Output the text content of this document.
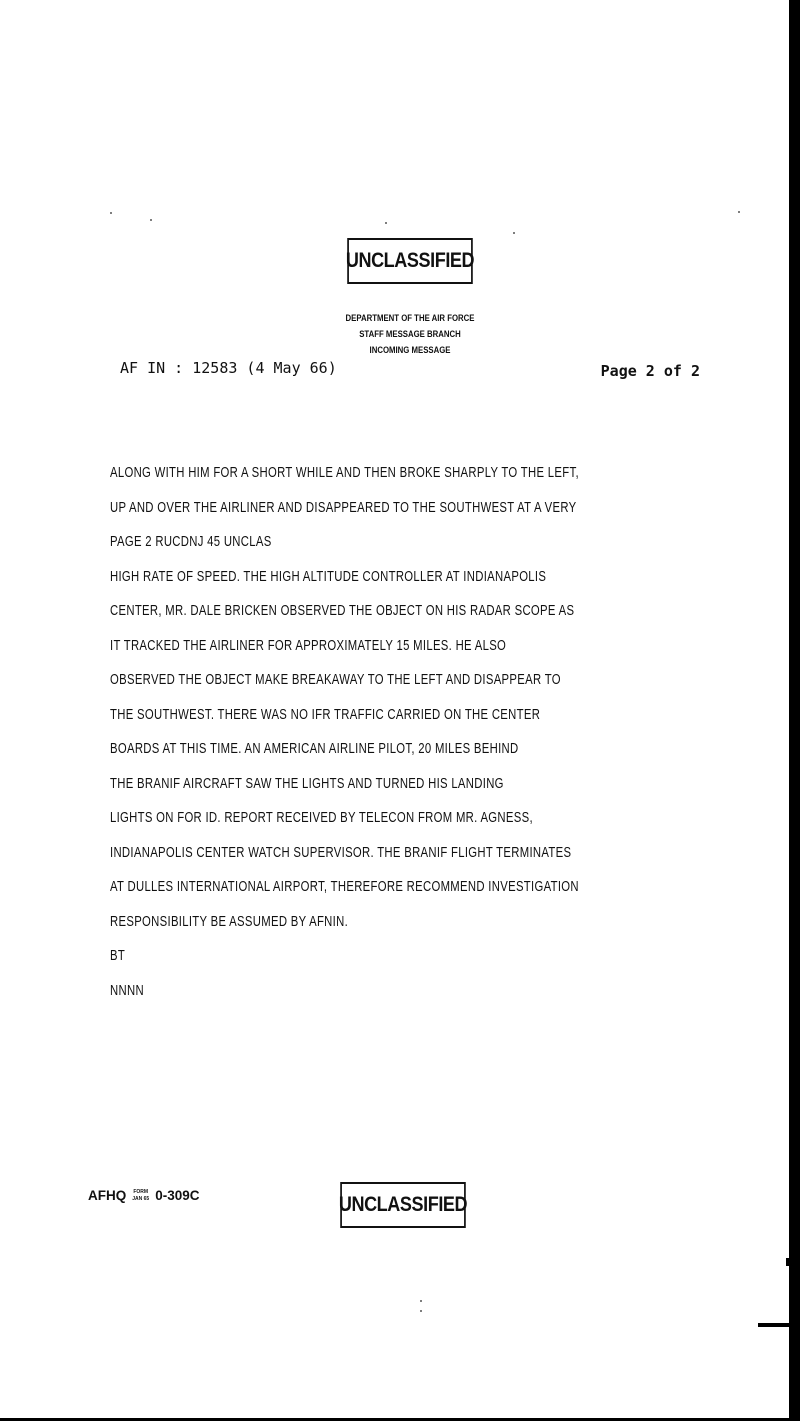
UNCLASSIFIED
DEPARTMENT OF THE AIR FORCE
STAFF MESSAGE BRANCH
INCOMING MESSAGE
AF IN : 12583 (4 May 66)	Page 2 of 2
ALONG WITH HIM FOR A SHORT WHILE AND THEN BROKE SHARPLY TO THE LEFT,
UP AND OVER THE AIRLINER AND DISAPPEARED TO THE SOUTHWEST AT A VERY
PAGE 2 RUCDNJ 45 UNCLAS
HIGH RATE OF SPEED. THE HIGH ALTITUDE CONTROLLER AT INDIANAPOLIS
CENTER, MR. DALE BRICKEN OBSERVED THE OBJECT ON HIS RADAR SCOPE AS
IT TRACKED THE AIRLINER FOR APPROXIMATELY 15 MILES. HE ALSO
OBSERVED THE OBJECT MAKE BREAKAWAY TO THE LEFT AND DISAPPEAR TO
THE SOUTHWEST. THERE WAS NO IFR TRAFFIC CARRIED ON THE CENTER
BOARDS AT THIS TIME. AN AMERICAN AIRLINE PILOT, 20 MILES BEHIND
THE BRANIF AIRCRAFT SAW THE LIGHTS AND TURNED HIS LANDING
LIGHTS ON FOR ID. REPORT RECEIVED BY TELECON FROM MR. AGNESS,
INDIANAPOLIS CENTER WATCH SUPERVISOR. THE BRANIF FLIGHT TERMINATES
AT DULLES INTERNATIONAL AIRPORT, THEREFORE RECOMMEND INVESTIGATION
RESPONSIBILITY BE ASSUMED BY AFNIN.
BT
NNNN
AFHQ FORM
JAN 65 0-309C	UNCLASSIFIED
